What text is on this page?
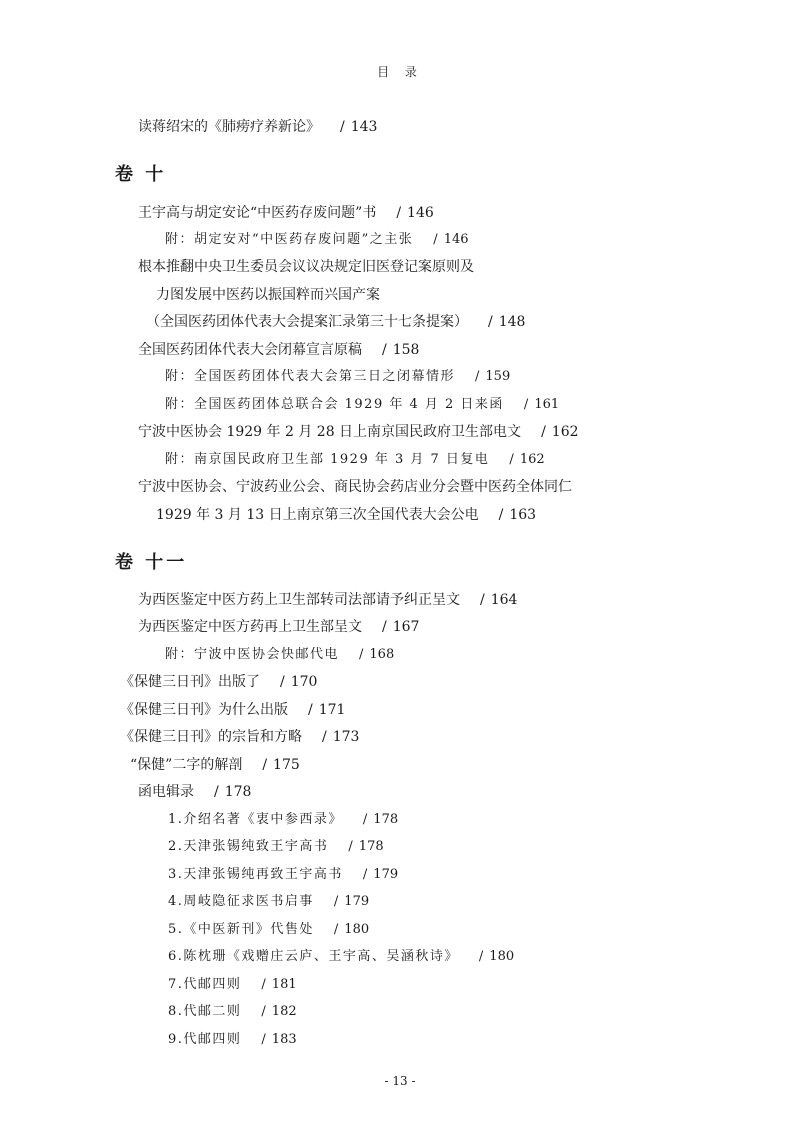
目 录
读蒋绍宋的《肺痨疗养新论》 / 143
卷 十
王宇高与胡定安论“中医药存废问题”书 / 146
附：胡定安对“中医药存废问题”之主张 / 146
根本推翻中央卫生委员会议议决规定旧医登记案原则及
力图发展中医药以振国粹而兴国产案
（全国医药团体代表大会提案汇录第三十七条提案） / 148
全国医药团体代表大会闭幕宣言原稿 / 158
附：全国医药团体代表大会第三日之闭幕情形 / 159
附：全国医药团体总联合会 1929 年 4 月 2 日来函 / 161
宁波中医协会 1929 年 2 月 28 日上南京国民政府卫生部电文 / 162
附：南京国民政府卫生部 1929 年 3 月 7 日复电 / 162
宁波中医协会、宁波药业公会、商民协会药店业分会暨中医药全体同仁
1929 年 3 月 13 日上南京第三次全国代表大会公电 / 163
卷 十一
为西医鉴定中医方药上卫生部转司法部请予纠正呈文 / 164
为西医鉴定中医方药再上卫生部呈文 / 167
附：宁波中医协会快邮代电 / 168
《保健三日刊》出版了 / 170
《保健三日刊》为什么出版 / 171
《保健三日刊》的宗旨和方略 / 173
“保健”二字的解剖 / 175
函电辑录 / 178
1.介绍名著《衷中参西录》 / 178
2.天津张锡纯致王宇高书 / 178
3.天津张锡纯再致王宇高书 / 179
4.周岐隐征求医书启事 / 179
5.《中医新刊》代售处 / 180
6.陈枕珊《戏赠庄云庐、王宇高、吴涵秋诗》 / 180
7.代邮四则 / 181
8.代邮二则 / 182
9.代邮四则 / 183
- 13 -
